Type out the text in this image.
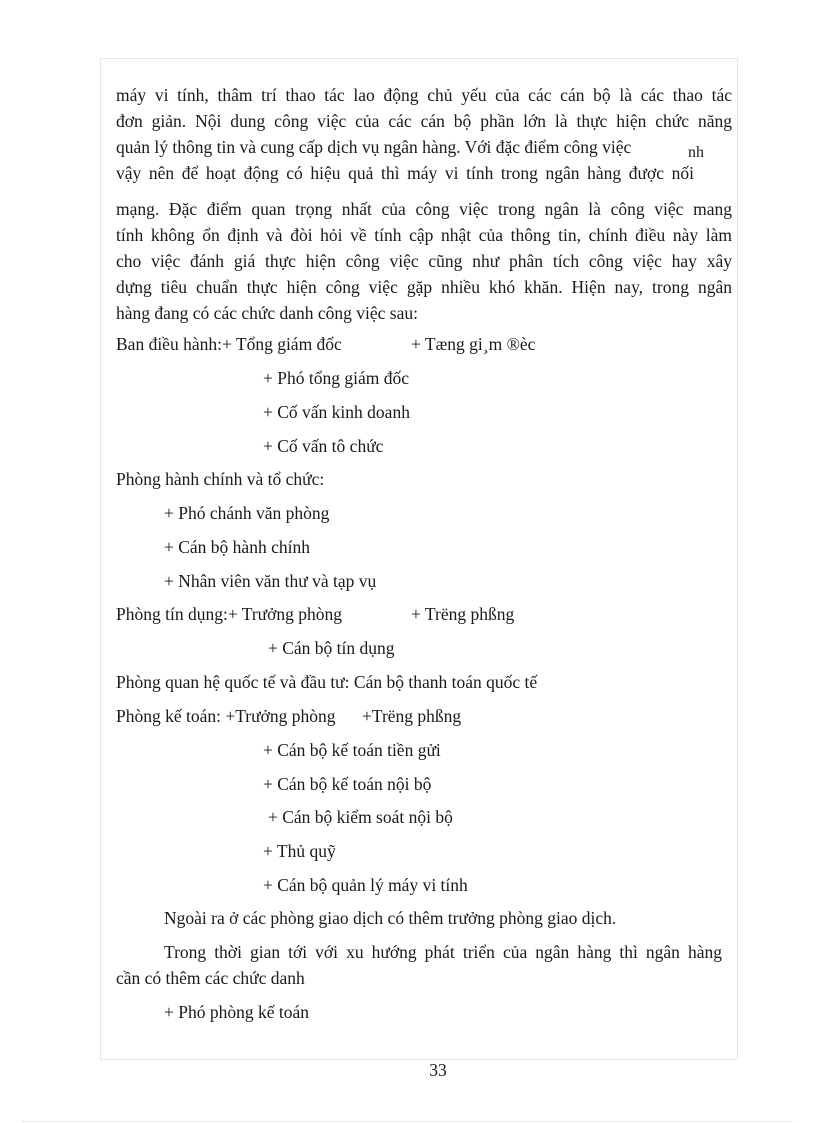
máy vi tính, thâm trí thao tác lao động chủ yếu của các cán bộ là các thao tác
đơn giản. Nội dung công việc của các cán bộ phần lớn là thực hiện chức năng
quản lý thông tin và cung cấp dịch vụ ngân hàng. Với đặc điểm công việc	nh
vậy nên để hoạt động có hiệu quả thì máy vi tính trong ngân hàng được nối
mạng. Đặc điểm quan trọng nhất của công việc trong ngân là công việc mang
tính không ổn định và đòi hỏi về tính cập nhật của thông tin, chính điều này làm
cho việc đánh giá thực hiện công việc cũng như phân tích công việc hay xây
dựng tiêu chuẩn thực hiện công việc gặp nhiều khó khăn. Hiện nay, trong ngân
hàng đang có các chức danh công việc sau:
Ban điều hành:+ Tổng giám đốc	+ Tæng gi¸m ®èc
+ Phó tổng giám đốc
+ Cố vấn kinh doanh
+ Cố vấn tô chức
Phòng hành chính và tổ chức:
+ Phó chánh văn phòng
+ Cán bộ hành chính
+ Nhân viên văn thư và tạp vụ
Phòng tín dụng:+ Trưởng phòng	+ Trëng phßng
+ Cán bộ tín dụng
Phòng quan hệ quốc tế và đầu tư: Cán bộ thanh toán quốc tế
Phòng kế toán: +Trưởng phòng +Trëng phßng
+ Cán bộ kế toán tiền gửi
+ Cán bộ kế toán nội bộ
+ Cán bộ kiểm soát nội bộ
+ Thủ quỹ
+ Cán bộ quản lý máy vi tính
Ngoài ra ở các phòng giao dịch có thêm trưởng phòng giao dịch.
Trong thời gian tới với xu hướng phát triển của ngân hàng thì ngân hàng
cần có thêm các chức danh
+ Phó phòng kế toán
33
